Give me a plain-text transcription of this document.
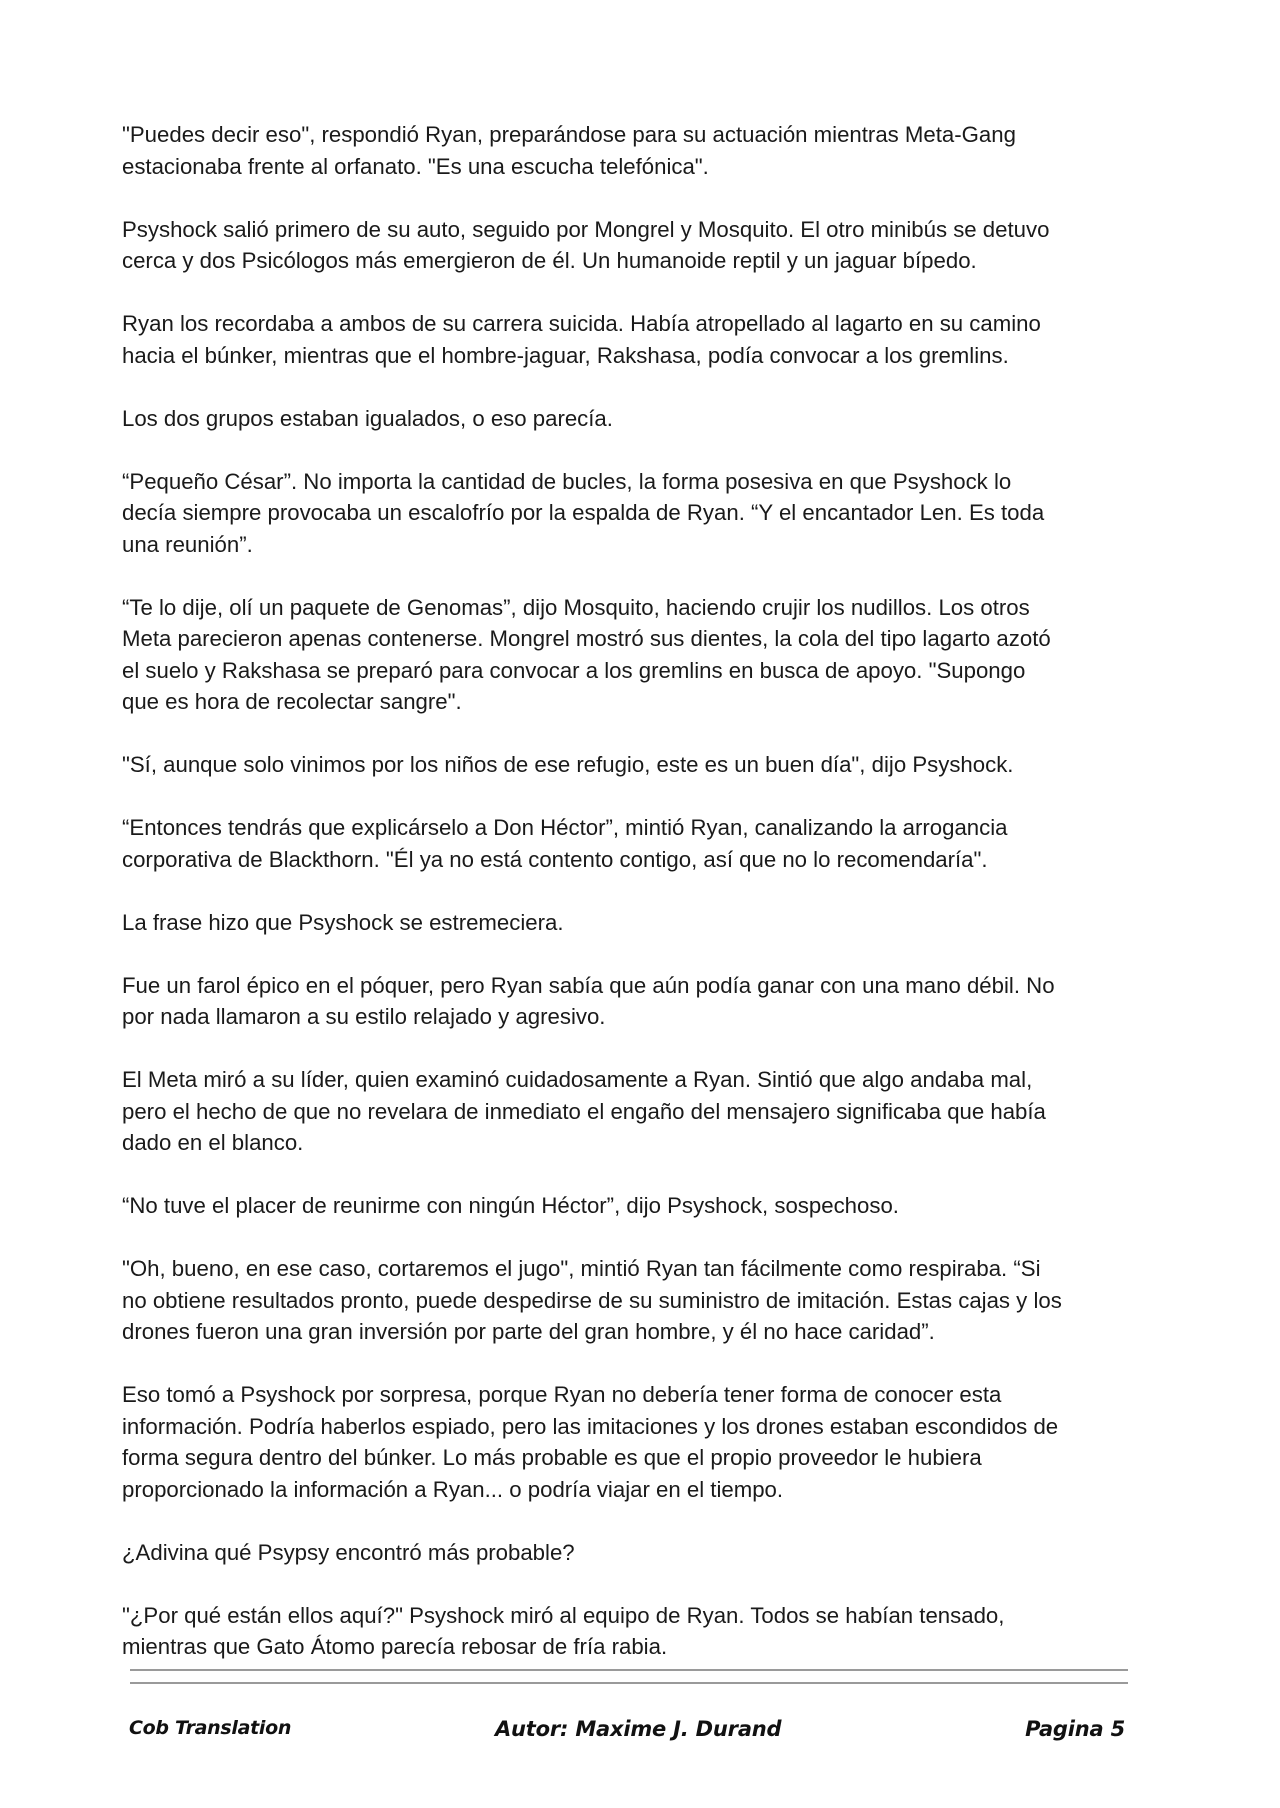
"Puedes decir eso", respondió Ryan, preparándose para su actuación mientras Meta-Gang
estacionaba frente al orfanato. "Es una escucha telefónica".

Psyshock salió primero de su auto, seguido por Mongrel y Mosquito. El otro minibús se detuvo
cerca y dos Psicólogos más emergieron de él. Un humanoide reptil y un jaguar bípedo.

Ryan los recordaba a ambos de su carrera suicida. Había atropellado al lagarto en su camino
hacia el búnker, mientras que el hombre-jaguar, Rakshasa, podía convocar a los gremlins.

Los dos grupos estaban igualados, o eso parecía.

“Pequeño César”. No importa la cantidad de bucles, la forma posesiva en que Psyshock lo
decía siempre provocaba un escalofrío por la espalda de Ryan. “Y el encantador Len. Es toda
una reunión”.

“Te lo dije, olí un paquete de Genomas”, dijo Mosquito, haciendo crujir los nudillos. Los otros
Meta parecieron apenas contenerse. Mongrel mostró sus dientes, la cola del tipo lagarto azotó
el suelo y Rakshasa se preparó para convocar a los gremlins en busca de apoyo. "Supongo
que es hora de recolectar sangre".

"Sí, aunque solo vinimos por los niños de ese refugio, este es un buen día", dijo Psyshock.

“Entonces tendrás que explicárselo a Don Héctor”, mintió Ryan, canalizando la arrogancia
corporativa de Blackthorn. "Él ya no está contento contigo, así que no lo recomendaría".

La frase hizo que Psyshock se estremeciera.

Fue un farol épico en el póquer, pero Ryan sabía que aún podía ganar con una mano débil. No
por nada llamaron a su estilo relajado y agresivo.

El Meta miró a su líder, quien examinó cuidadosamente a Ryan. Sintió que algo andaba mal,
pero el hecho de que no revelara de inmediato el engaño del mensajero significaba que había
dado en el blanco.

“No tuve el placer de reunirme con ningún Héctor”, dijo Psyshock, sospechoso.

"Oh, bueno, en ese caso, cortaremos el jugo", mintió Ryan tan fácilmente como respiraba. “Si
no obtiene resultados pronto, puede despedirse de su suministro de imitación. Estas cajas y los
drones fueron una gran inversión por parte del gran hombre, y él no hace caridad”.

Eso tomó a Psyshock por sorpresa, porque Ryan no debería tener forma de conocer esta
información. Podría haberlos espiado, pero las imitaciones y los drones estaban escondidos de
forma segura dentro del búnker. Lo más probable es que el propio proveedor le hubiera
proporcionado la información a Ryan... o podría viajar en el tiempo.

¿Adivina qué Psypsy encontró más probable?

"¿Por qué están ellos aquí?" Psyshock miró al equipo de Ryan. Todos se habían tensado,
mientras que Gato Átomo parecía rebosar de fría rabia.

Cob Translation	Autor: Maxime J. Durand	Pagina 5
